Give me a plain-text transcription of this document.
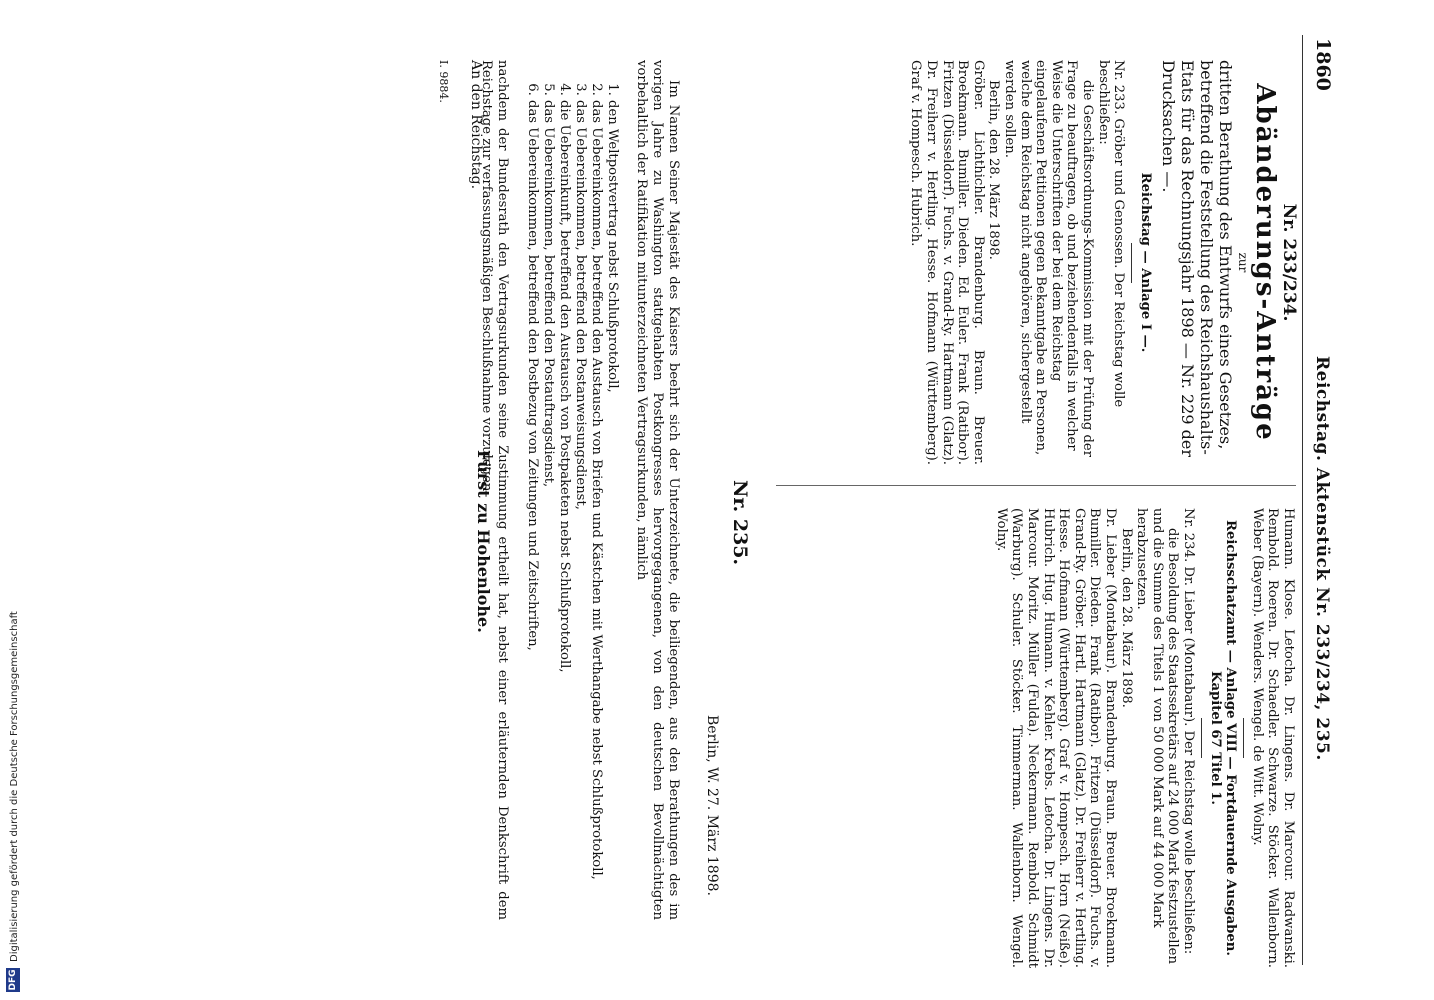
1860
Reichstag. Aktenstück Nr. 233/234, 235.

Nr. 233/234.

Abänderungs-Anträge

zur

dritten Berathung des Entwurfs eines Gesetzes, betreffend die Feststellung des Reichshaushalts-Etats für das Rechnungsjahr 1898 — Nr. 229 der Drucksachen —.

Reichstag — Anlage I —.

Nr. 233. Gröber und Genossen. Der Reichstag wolle beschließen:

die Geschäftsordnungs-Kommission mit der Prüfung der Frage zu beauftragen, ob und beziehendenfalls in welcher Weise die Unterschriften der bei dem Reichstag eingelaufenen Petitionen gegen Bekanntgabe an Personen, welche dem Reichstag nicht angehören, sichergestellt werden sollen.

Berlin, den 28. März 1898.

Gröber. Lichthichler. Brandenburg. Braun. Breuer. Broekmann. Bumiller. Dieden. Ed. Euler. Frank (Ratibor). Fritzen (Düsseldorf). Fuchs. v. Grand-Ry. Hartmann (Glatz). Dr. Freiherr v. Hertling. Hesse. Hofmann (Württemberg). Graf v. Hompesch. Hubrich.

Humann. Klose. Letocha. Dr. Lingens. Dr. Marcour. Radwanski. Rembold. Roeren. Dr. Schaedler. Schwarze. Stöcker. Wallenborn. Weber (Bayern). Wenders. Wengel. de Witt. Wolny.

Reichsschatzamt — Anlage VIII — Fortdauernde Ausgaben. Kapitel 67 Titel 1.

Nr. 234. Dr. Lieber (Montabaur). Der Reichstag wolle beschließen:

die Besoldung des Staatssekretärs auf 24 000 Mark festzustellen und die Summe des Titels 1 von 50 000 Mark auf 44 000 Mark herabzusetzen.

Berlin, den 28. März 1898.

Dr. Lieber (Montabaur). Brandenburg. Braun. Breuer. Broekmann. Bumiller. Dieden. Frank (Ratibor). Fritzen (Düsseldorf). Fuchs. v. Grand-Ry. Gröber. Hartl. Hartmann (Glatz). Dr. Freiherr v. Hertling. Hesse. Hofmann (Württemberg). Graf v. Hompesch. Horn (Neiße). Hubrich. Hug. Humann. v. Kehler. Krebs. Letocha. Dr. Lingens. Dr. Marcour. Moritz. Müller (Fulda). Neckermann. Rembold. Schmidt (Warburg). Schuler. Stöcker. Timmerman. Wallenborn. Wengel. Wolny.

Nr. 235.
Berlin, W. 27. März 1898.

Im Namen Seiner Majestät des Kaisers beehrt sich der Unterzeichnete, die beiliegenden, aus den Berathungen des im vorigen Jahre zu Washington stattgehabten Postkongresses hervorgegangenen, von den deutschen Bevollmächtigten vorbehaltlich der Ratifikation mitunterzeichneten Vertragsurkunden, nämlich

1. den Weltpostvertrag nebst Schlußprotokoll,
2. das Uebereinkommen, betreffend den Austausch von Briefen und Kästchen mit Werthangabe nebst Schlußprotokoll,
3. das Uebereinkommen, betreffend den Postanweisungsdienst,
4. die Uebereinkunft, betreffend den Austausch von Postpaketen nebst Schlußprotokoll,
5. das Uebereinkommen, betreffend den Postauftragsdienst,
6. das Uebereinkommen, betreffend den Postbezug von Zeitungen und Zeitschriften,

nachdem der Bundesrath den Vertragsurkunden seine Zustimmung ertheilt hat, nebst einer erläuternden Denkschrift dem Reichstage zur verfassungsmäßigen Beschlußnahme vorzulegen.

Fürst zu Hohenlohe.
An den Reichstag.
I. 9884.
DFG
Digitalisierung gefördert durch die Deutsche Forschungsgemeinschaft
